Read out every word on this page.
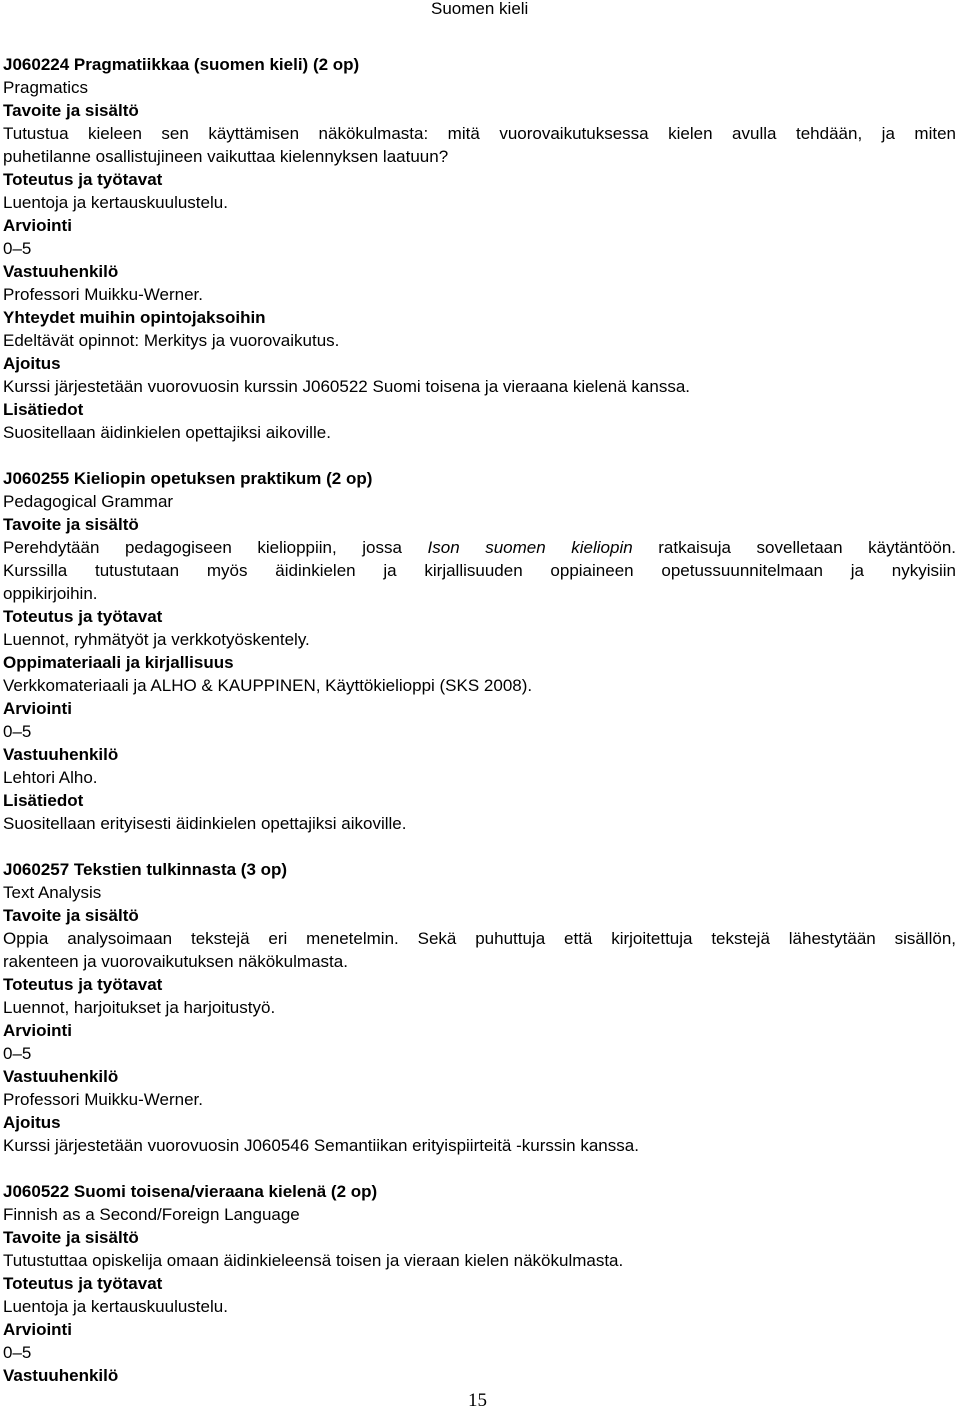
Suomen kieli
J060224 Pragmatiikkaa (suomen kieli) (2 op)
Pragmatics
Tavoite ja sisältö
Tutustua kieleen sen käyttämisen näkökulmasta: mitä vuorovaikutuksessa kielen avulla tehdään, ja miten
puhetilanne osallistujineen vaikuttaa kielennyksen laatuun?
Toteutus ja työtavat
Luentoja ja kertauskuulustelu.
Arviointi
0–5
Vastuuhenkilö
Professori Muikku-Werner.
Yhteydet muihin opintojaksoihin
Edeltävät opinnot: Merkitys ja vuorovaikutus.
Ajoitus
Kurssi järjestetään vuorovuosin kurssin J060522 Suomi toisena ja vieraana kielenä kanssa.
Lisätiedot
Suositellaan äidinkielen opettajiksi aikoville.
J060255 Kieliopin opetuksen praktikum (2 op)
Pedagogical Grammar
Tavoite ja sisältö
Perehdytään pedagogiseen kielioppiin, jossa Ison suomen kieliopin ratkaisuja sovelletaan käytäntöön.
Kurssilla tutustutaan myös äidinkielen ja kirjallisuuden oppiaineen opetussuunnitelmaan ja nykyisiin
oppikirjoihin.
Toteutus ja työtavat
Luennot, ryhmätyöt ja verkkotyöskentely.
Oppimateriaali ja kirjallisuus
Verkkomateriaali ja ALHO & KAUPPINEN, Käyttökielioppi (SKS 2008).
Arviointi
0–5
Vastuuhenkilö
Lehtori Alho.
Lisätiedot
Suositellaan erityisesti äidinkielen opettajiksi aikoville.
J060257 Tekstien tulkinnasta (3 op)
Text Analysis
Tavoite ja sisältö
Oppia analysoimaan tekstejä eri menetelmin. Sekä puhuttuja että kirjoitettuja tekstejä lähestytään sisällön,
rakenteen ja vuorovaikutuksen näkökulmasta.
Toteutus ja työtavat
Luennot, harjoitukset ja harjoitustyö.
Arviointi
0–5
Vastuuhenkilö
Professori Muikku-Werner.
Ajoitus
Kurssi järjestetään vuorovuosin J060546 Semantiikan erityispiirteitä -kurssin kanssa.
J060522 Suomi toisena/vieraana kielenä (2 op)
Finnish as a Second/Foreign Language
Tavoite ja sisältö
Tutustuttaa opiskelija omaan äidinkieleensä toisen ja vieraan kielen näkökulmasta.
Toteutus ja työtavat
Luentoja ja kertauskuulustelu.
Arviointi
0–5
Vastuuhenkilö
15
